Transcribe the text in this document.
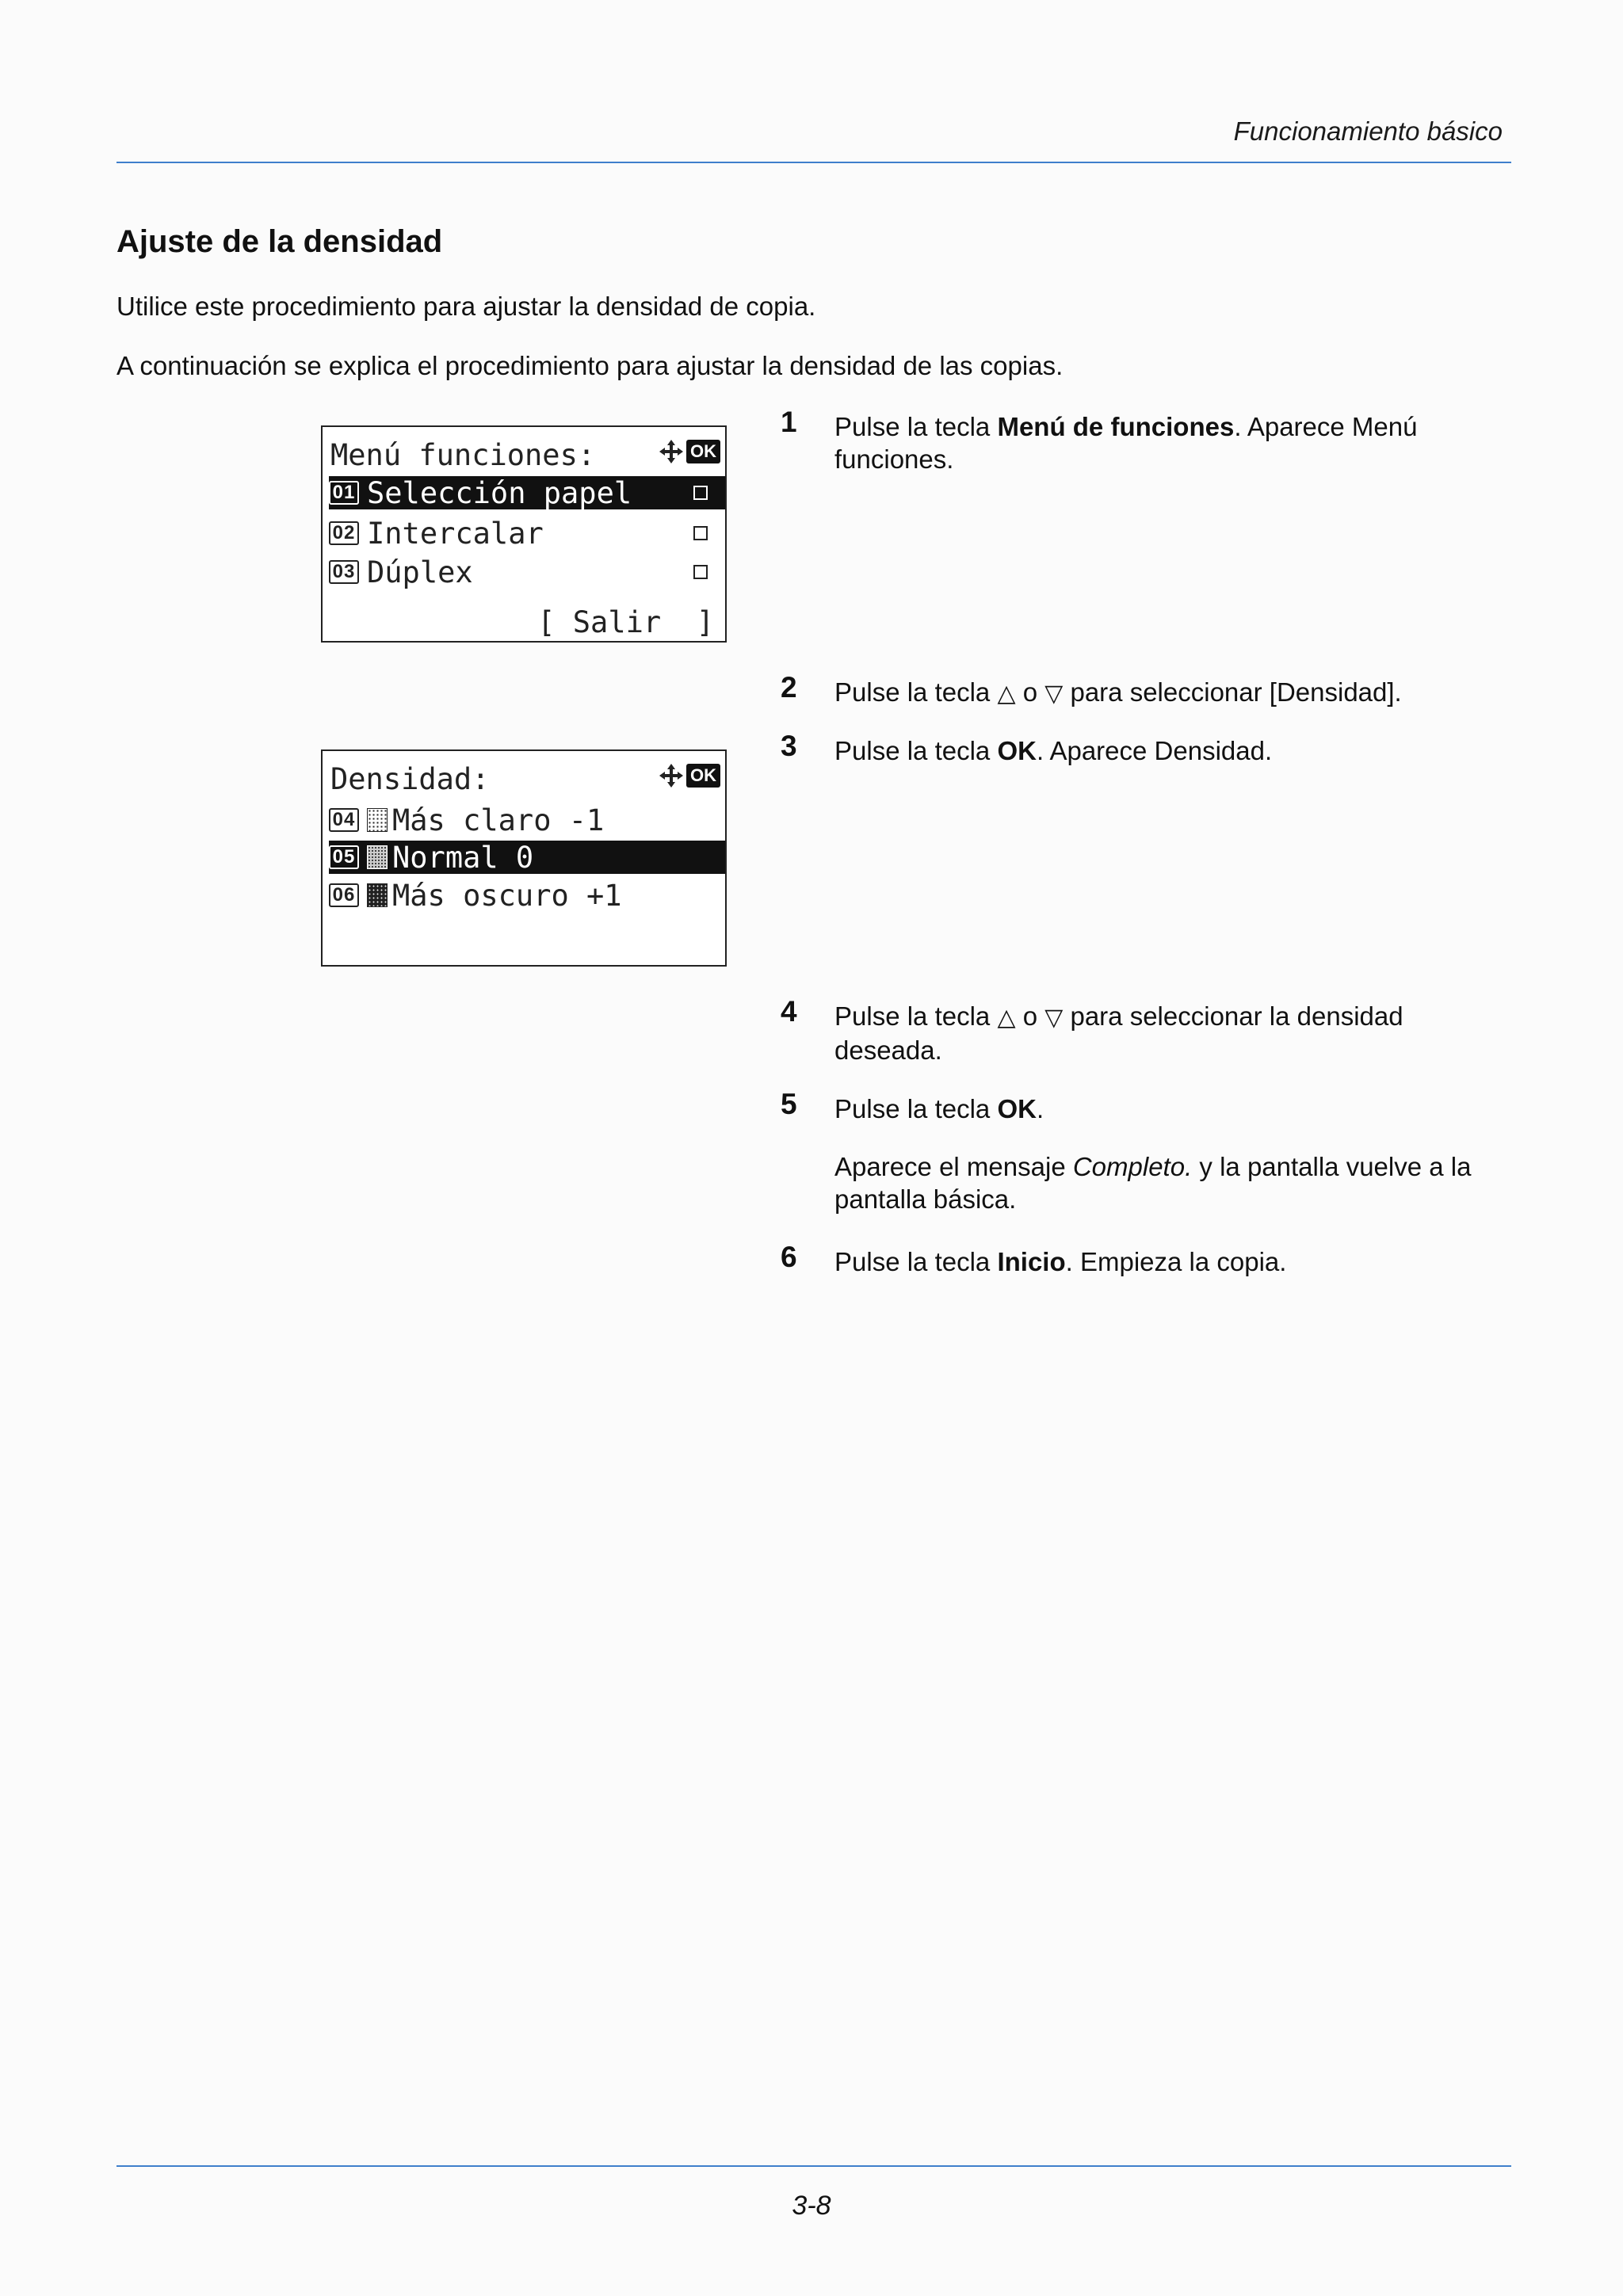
Funcionamiento básico
Ajuste de la densidad

Utilice este procedimiento para ajustar la densidad de copia.

A continuación se explica el procedimiento para ajustar la densidad de las copias.

Menú funciones:	OK
01 Selección papel
02 Intercalar
03 Dúplex
[ Salir  ]
Densidad:	OK
04 Más claro -1
05 Normal 0
06 Más oscuro +1
1 Pulse la tecla Menú de funciones. Aparece Menú funciones.
2 Pulse la tecla △ o ▽ para seleccionar [Densidad].
3 Pulse la tecla OK. Aparece Densidad.
4 Pulse la tecla △ o ▽ para seleccionar la densidad deseada.
5 Pulse la tecla OK.
6 Pulse la tecla Inicio. Empieza la copia.
Aparece el mensaje Completo. y la pantalla vuelve a la pantalla básica.
3-8
